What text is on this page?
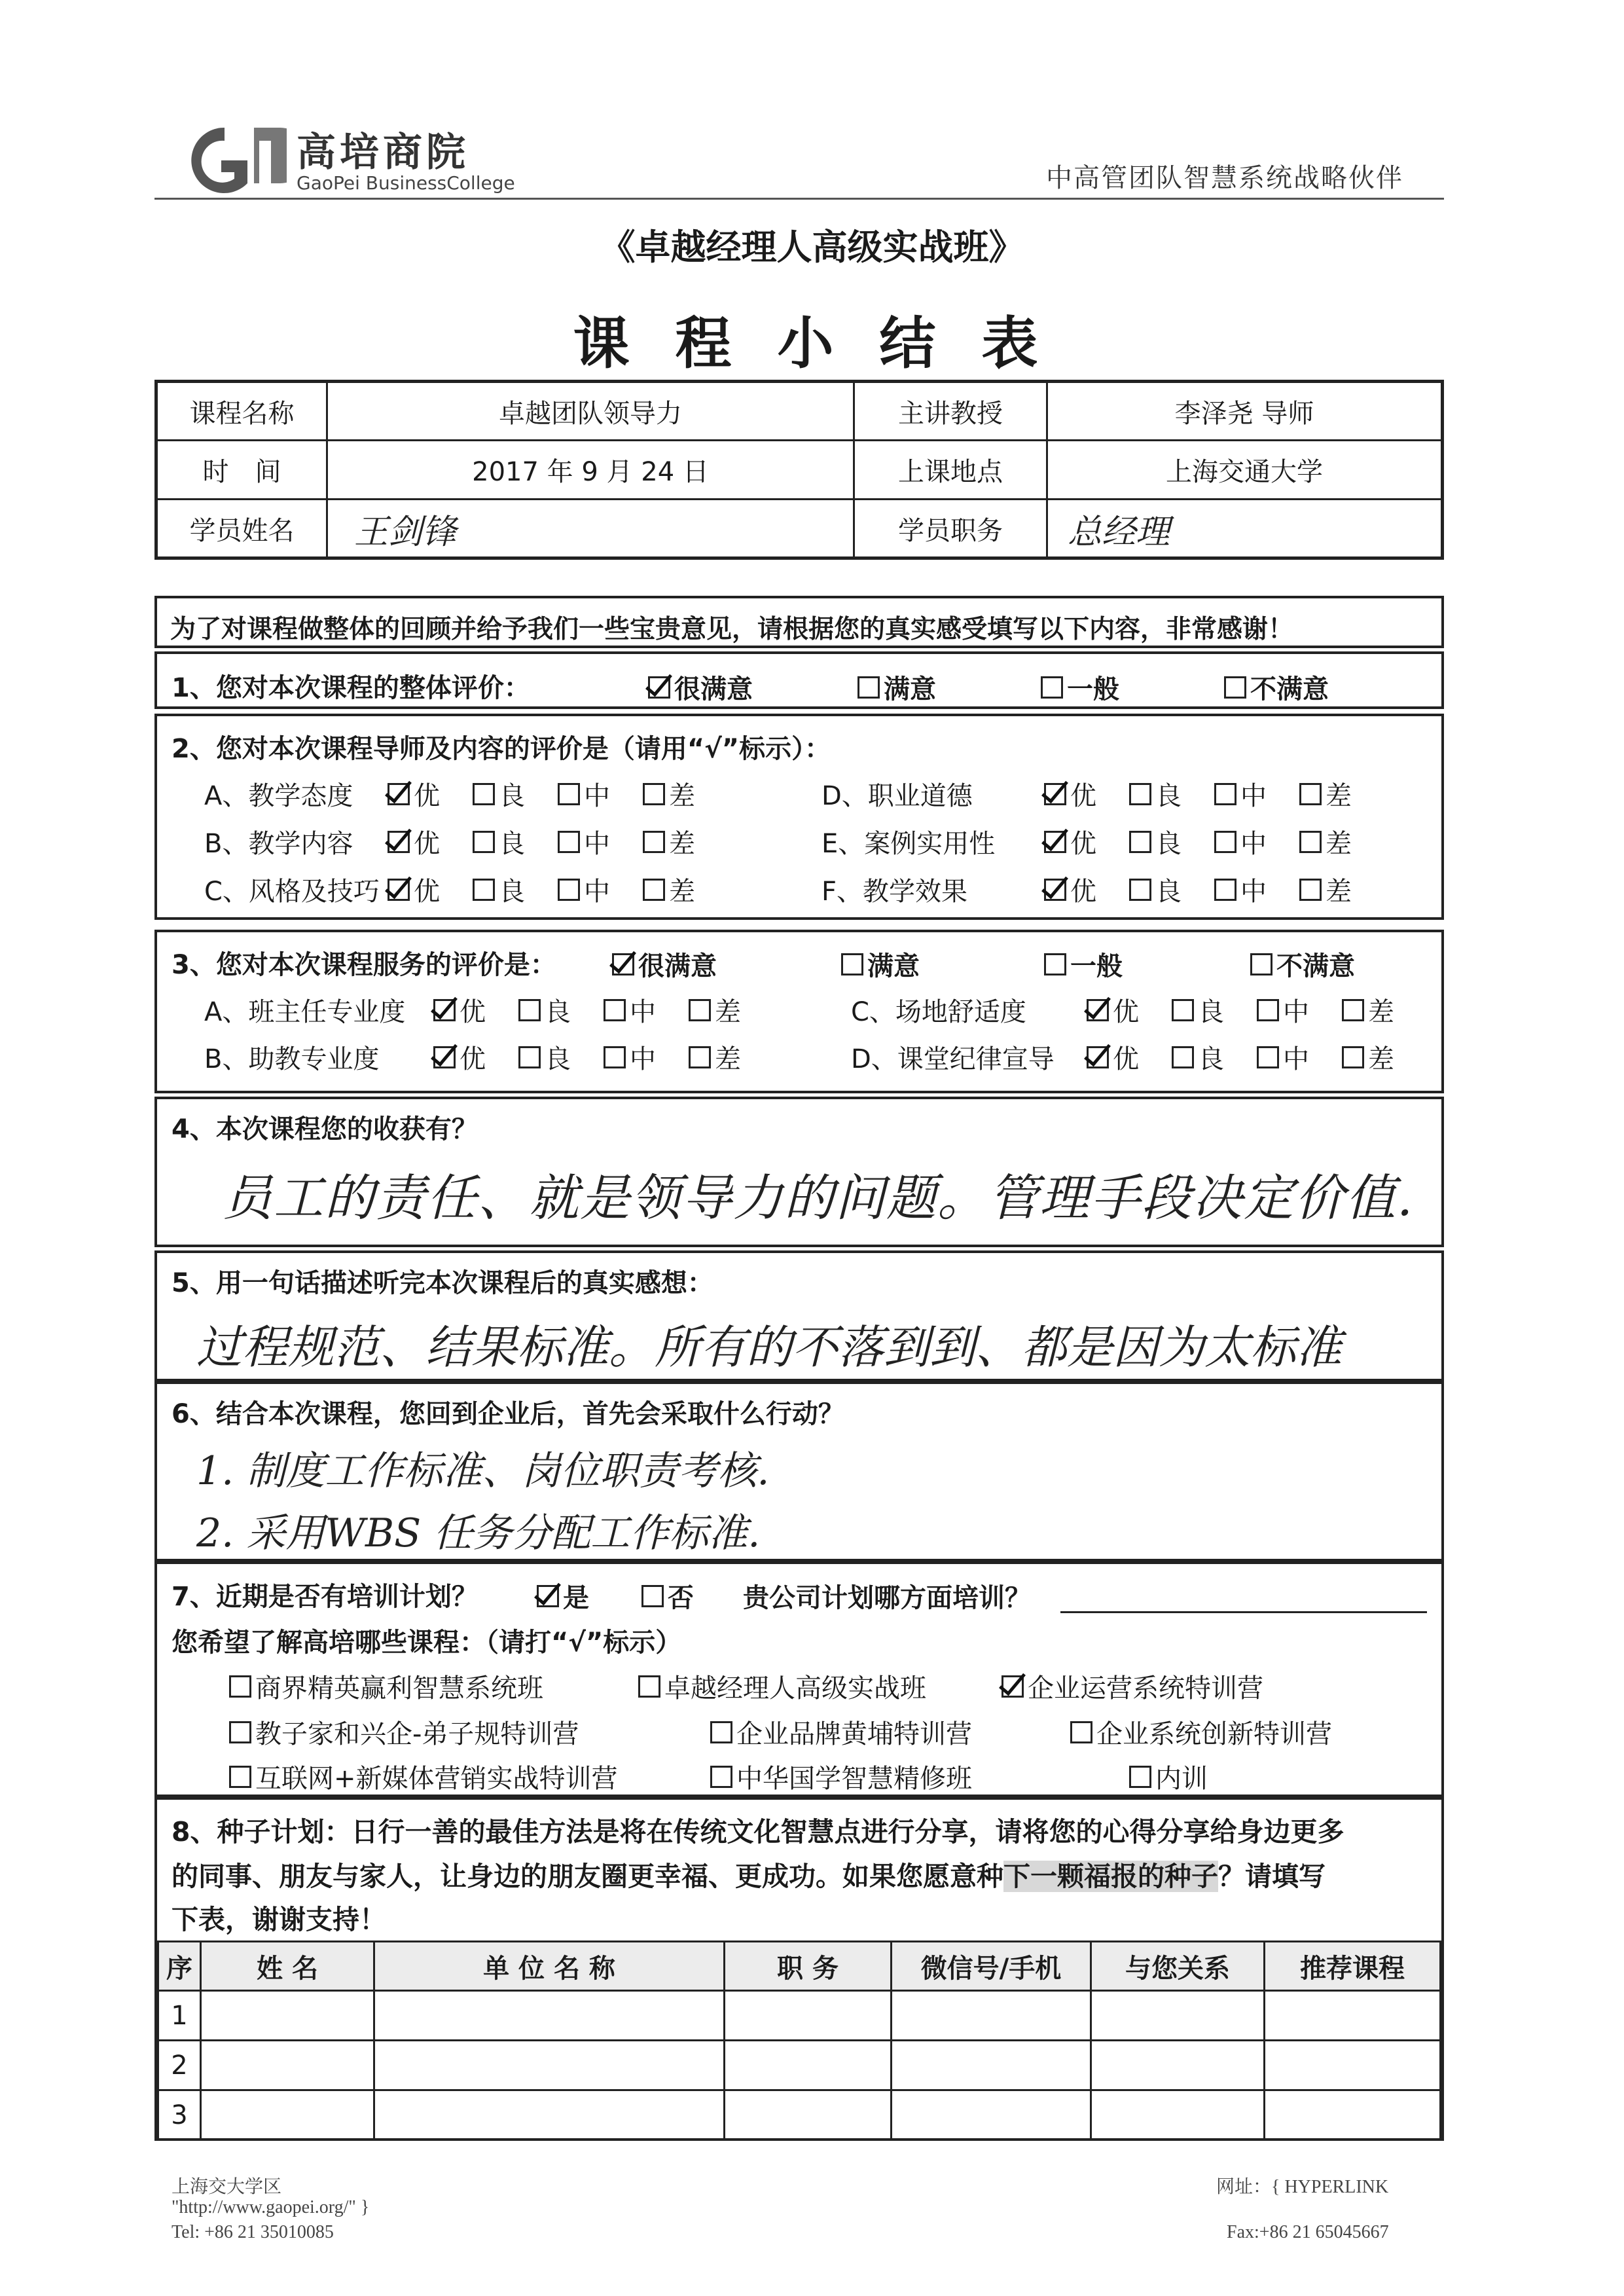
高培商院
GaoPei BusinessCollege	中高管团队智慧系统战略伙伴
《卓越经理人高级实战班》
课 程 小 结 表
课程名称	卓越团队领导力	主讲教授	李泽尧 导师
时　间	2017 年 9 月 24 日	上课地点	上海交通大学
学员姓名	王剑锋	学员职务	总经理
为了对课程做整体的回顾并给予我们一些宝贵意见，请根据您的真实感受填写以下内容，非常感谢！
1、您对本次课程的整体评价：	很满意	满意	一般	不满意
2、您对本次课程导师及内容的评价是（请用“√”标示）：
A、教学态度	优 良 中 差	D、职业道德	优 良 中 差
B、教学内容	优 良 中 差	E、案例实用性	优 良 中 差
C、风格及技巧	优 良 中 差	F、教学效果	优 良 中 差
3、您对本次课程服务的评价是：	很满意	满意	一般	不满意
A、班主任专业度	优 良 中 差	C、场地舒适度	优 良 中 差
B、助教专业度	优 良 中 差	D、课堂纪律宣导	优 良 中 差
4、本次课程您的收获有？
员工的责任、就是领导力的问题。管理手段决定价值.
5、用一句话描述听完本次课程后的真实感想：
过程规范、结果标准。所有的不落到到、都是因为太标准
6、结合本次课程，您回到企业后，首先会采取什么行动？
1. 制度工作标准、岗位职责考核.
2. 采用WBS 任务分配工作标准.
7、近期是否有培训计划？	是	否 贵公司计划哪方面培训？
您希望了解高培哪些课程：（请打“√”标示）
商界精英赢利智慧系统班	卓越经理人高级实战班	企业运营系统特训营
教子家和兴企-弟子规特训营	企业品牌黄埔特训营	企业系统创新特训营
互联网+新媒体营销实战特训营	中华国学智慧精修班	内训
8、种子计划：日行一善的最佳方法是将在传统文化智慧点进行分享，请将您的心得分享给身边更多
的同事、朋友与家人，让身边的朋友圈更幸福、更成功。如果您愿意种下一颗福报的种子？请填写
下表，谢谢支持！
序	姓 名	单 位 名 称	职 务	微信号/手机	与您关系	推荐课程
1						
2						
3						
上海交大学区
"http://www.gaopei.org/" }
Tel: +86 21 35010085
网址：{ HYPERLINK
Fax:+86 21 65045667
